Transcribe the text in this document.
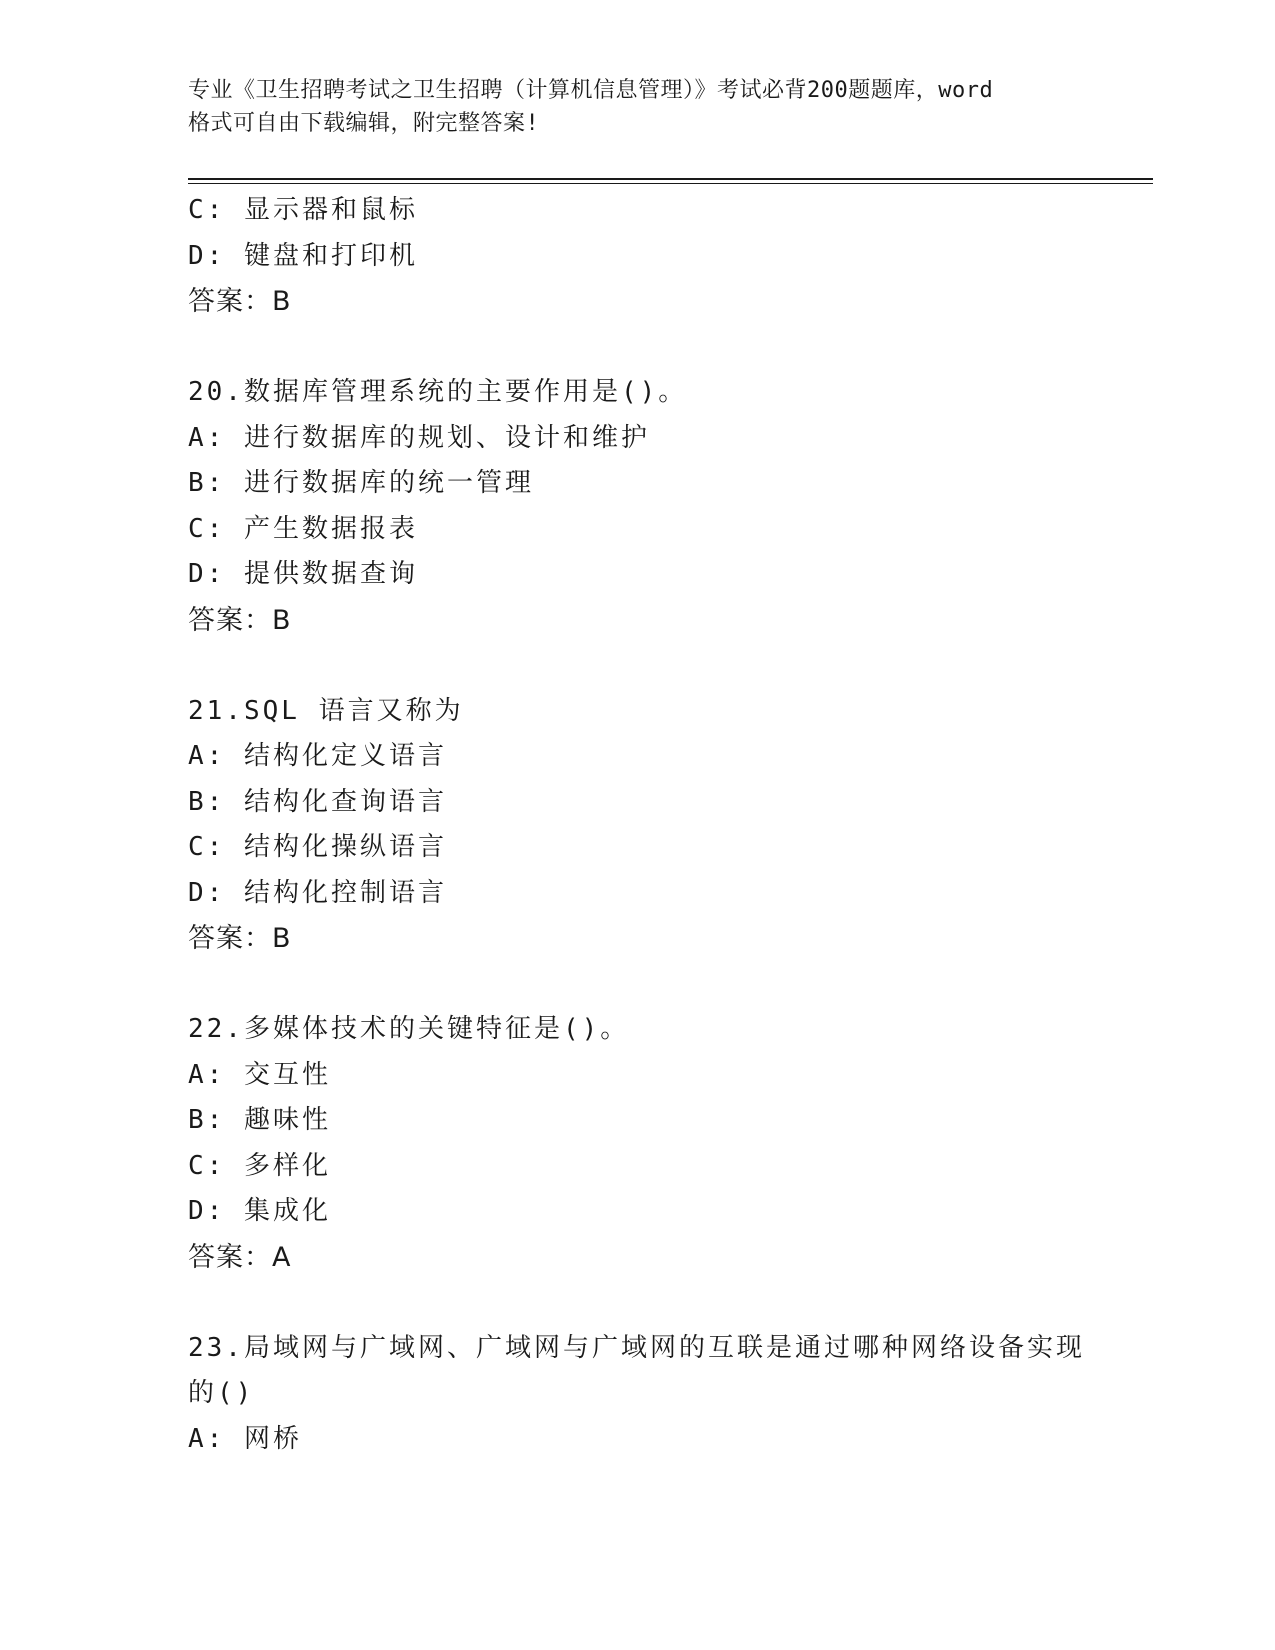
专业《卫生招聘考试之卫生招聘（计算机信息管理）》考试必背200题题库，word
格式可自由下载编辑，附完整答案!
C: 显示器和鼠标
D: 键盘和打印机
答案：B
20.数据库管理系统的主要作用是()。
A: 进行数据库的规划、设计和维护
B: 进行数据库的统一管理
C: 产生数据报表
D: 提供数据查询
答案：B
21.SQL 语言又称为
A: 结构化定义语言
B: 结构化查询语言
C: 结构化操纵语言
D: 结构化控制语言
答案：B
22.多媒体技术的关键特征是()。
A: 交互性
B: 趣味性
C: 多样化
D: 集成化
答案：A
23.局域网与广域网、广域网与广域网的互联是通过哪种网络设备实现
的()
A: 网桥
